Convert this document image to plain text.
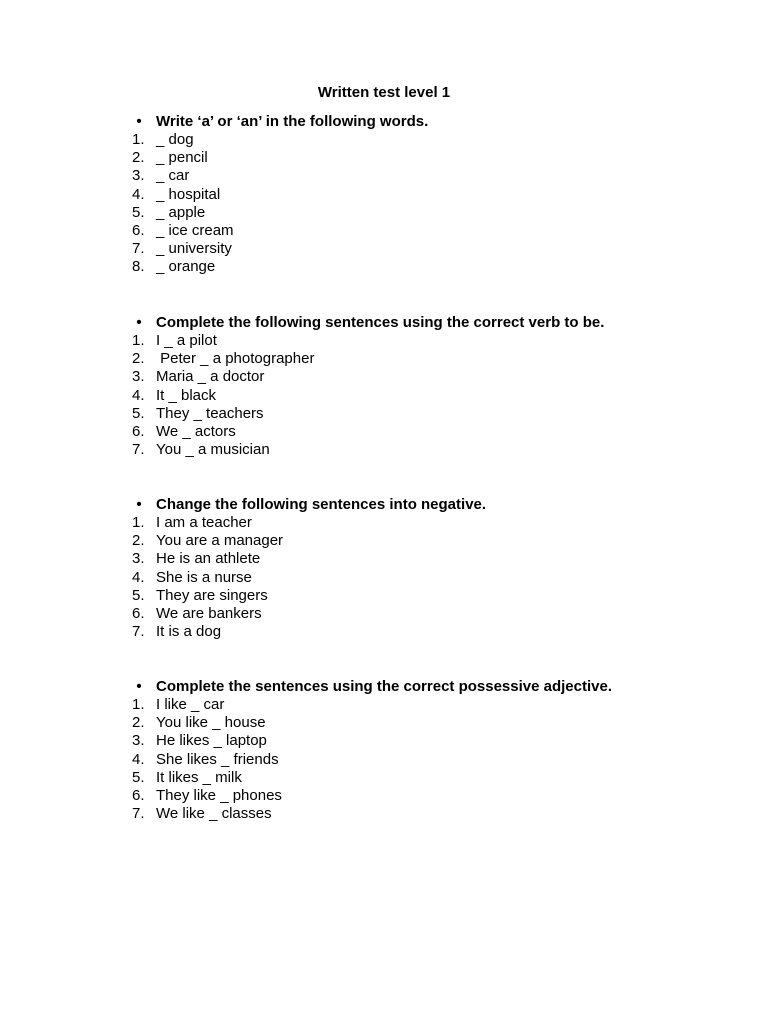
Written test level 1
• Write ‘a’ or ‘an’ in the following words.
1. _ dog
2. _ pencil
3. _ car
4. _ hospital
5. _ apple
6. _ ice cream
7. _ university
8. _ orange
• Complete the following sentences using the correct verb to be.
1. I _ a pilot
2. Peter _ a photographer
3. Maria _ a doctor
4. It _ black
5. They _ teachers
6. We _ actors
7. You _ a musician
• Change the following sentences into negative.
1. I am a teacher
2. You are a manager
3. He is an athlete
4. She is a nurse
5. They are singers
6. We are bankers
7. It is a dog
• Complete the sentences using the correct possessive adjective.
1. I like _ car
2. You like _ house
3. He likes _ laptop
4. She likes _ friends
5. It likes _ milk
6. They like _ phones
7. We like _ classes
